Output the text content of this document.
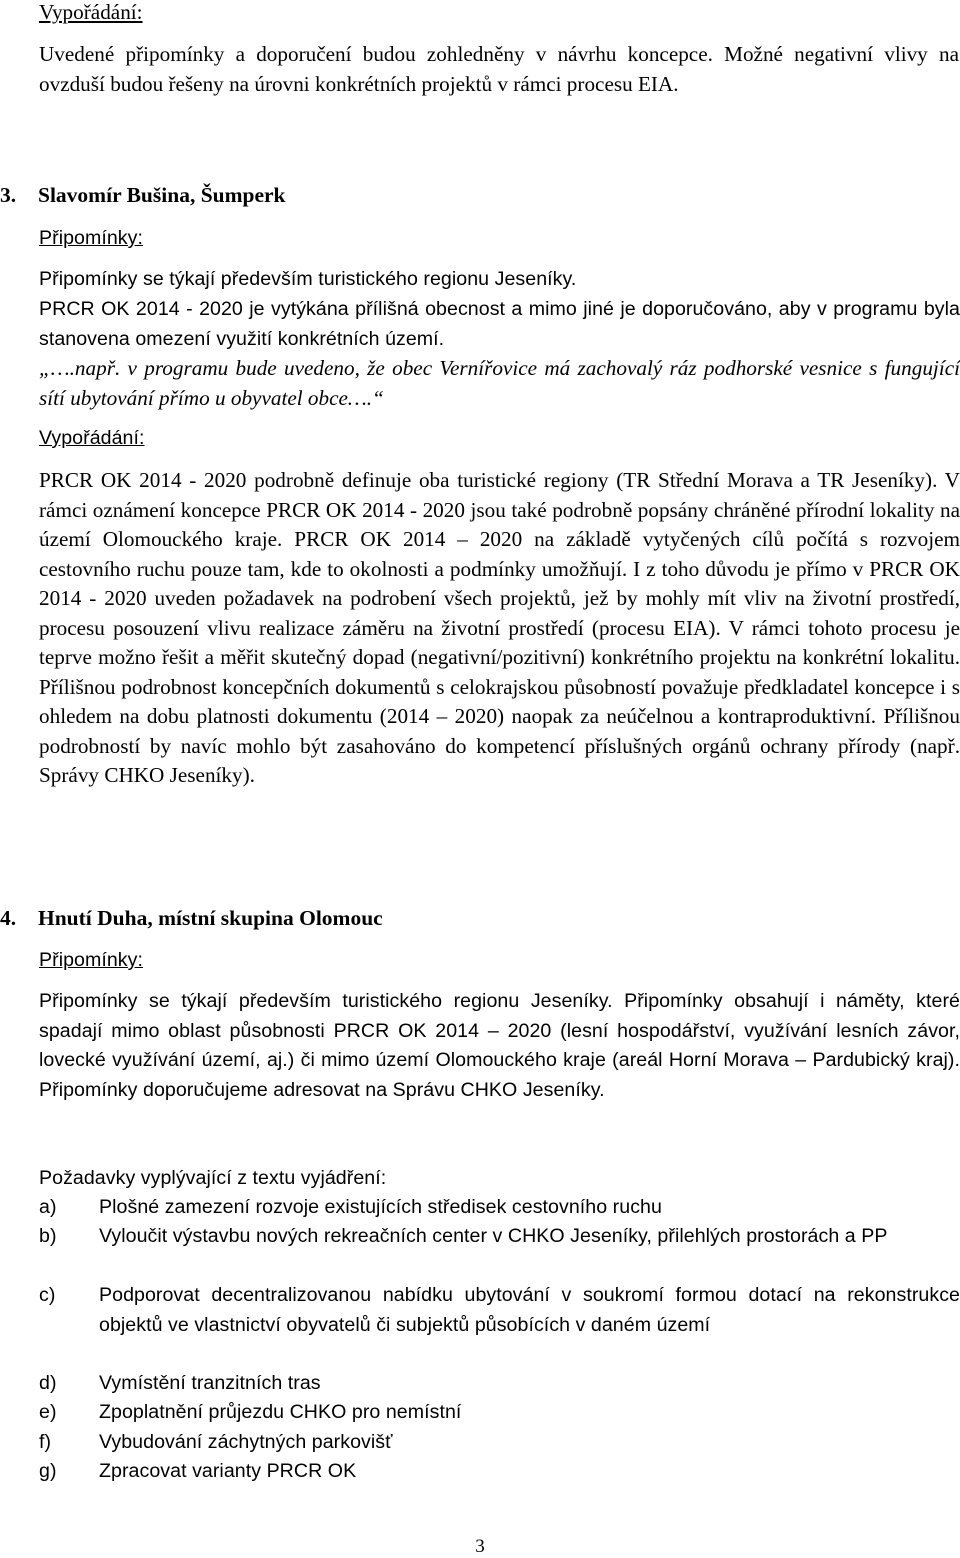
Vypořádání:
Uvedené připomínky a doporučení budou zohledněny v návrhu koncepce. Možné negativní vlivy na ovzduší budou řešeny na úrovni konkrétních projektů v rámci procesu EIA.
3. Slavomír Bušina, Šumperk
Připomínky:
Připomínky se týkají především turistického regionu Jeseníky.
PRCR OK 2014 - 2020 je vytýkána přílišná obecnost a mimo jiné je doporučováno, aby v programu byla stanovena omezení využití konkrétních území.
„….např. v programu bude uvedeno, že obec Vernířovice má zachovalý ráz podhorské vesnice s fungující sítí ubytování přímo u obyvatel obce….“
Vypořádání:
PRCR OK 2014 - 2020 podrobně definuje oba turistické regiony (TR Střední Morava a TR Jeseníky). V rámci oznámení koncepce PRCR OK 2014 - 2020 jsou také podrobně popsány chráněné přírodní lokality na území Olomouckého kraje. PRCR OK 2014 – 2020 na základě vytyčených cílů počítá s rozvojem cestovního ruchu pouze tam, kde to okolnosti a podmínky umožňují. I z toho důvodu je přímo v PRCR OK 2014 - 2020 uveden požadavek na podrobení všech projektů, jež by mohly mít vliv na životní prostředí, procesu posouzení vlivu realizace záměru na životní prostředí (procesu EIA). V rámci tohoto procesu je teprve možno řešit a měřit skutečný dopad (negativní/pozitivní) konkrétního projektu na konkrétní lokalitu. Přílišnou podrobnost koncepčních dokumentů s celokrajskou působností považuje předkladatel koncepce i s ohledem na dobu platnosti dokumentu (2014 – 2020) naopak za neúčelnou a kontraproduktivní. Přílišnou podrobností by navíc mohlo být zasahováno do kompetencí příslušných orgánů ochrany přírody (např. Správy CHKO Jeseníky).
4. Hnutí Duha, místní skupina Olomouc
Připomínky:
Připomínky se týkají především turistického regionu Jeseníky. Připomínky obsahují i náměty, které spadají mimo oblast působnosti PRCR OK 2014 – 2020 (lesní hospodářství, využívání lesních závor, lovecké využívání území, aj.) či mimo území Olomouckého kraje (areál Horní Morava – Pardubický kraj). Připomínky doporučujeme adresovat na Správu CHKO Jeseníky.
Požadavky vyplývající z textu vyjádření:
a) Plošné zamezení rozvoje existujících středisek cestovního ruchu
b) Vyloučit výstavbu nových rekreačních center v CHKO Jeseníky, přilehlých prostorách a PP
c) Podporovat decentralizovanou nabídku ubytování v soukromí formou dotací na rekonstrukce objektů ve vlastnictví obyvatelů či subjektů působících v daném území
d) Vymístění tranzitních tras
e) Zpoplatnění průjezdu CHKO pro nemístní
f) Vybudování záchytných parkovišť
g) Zpracovat varianty PRCR OK
3
